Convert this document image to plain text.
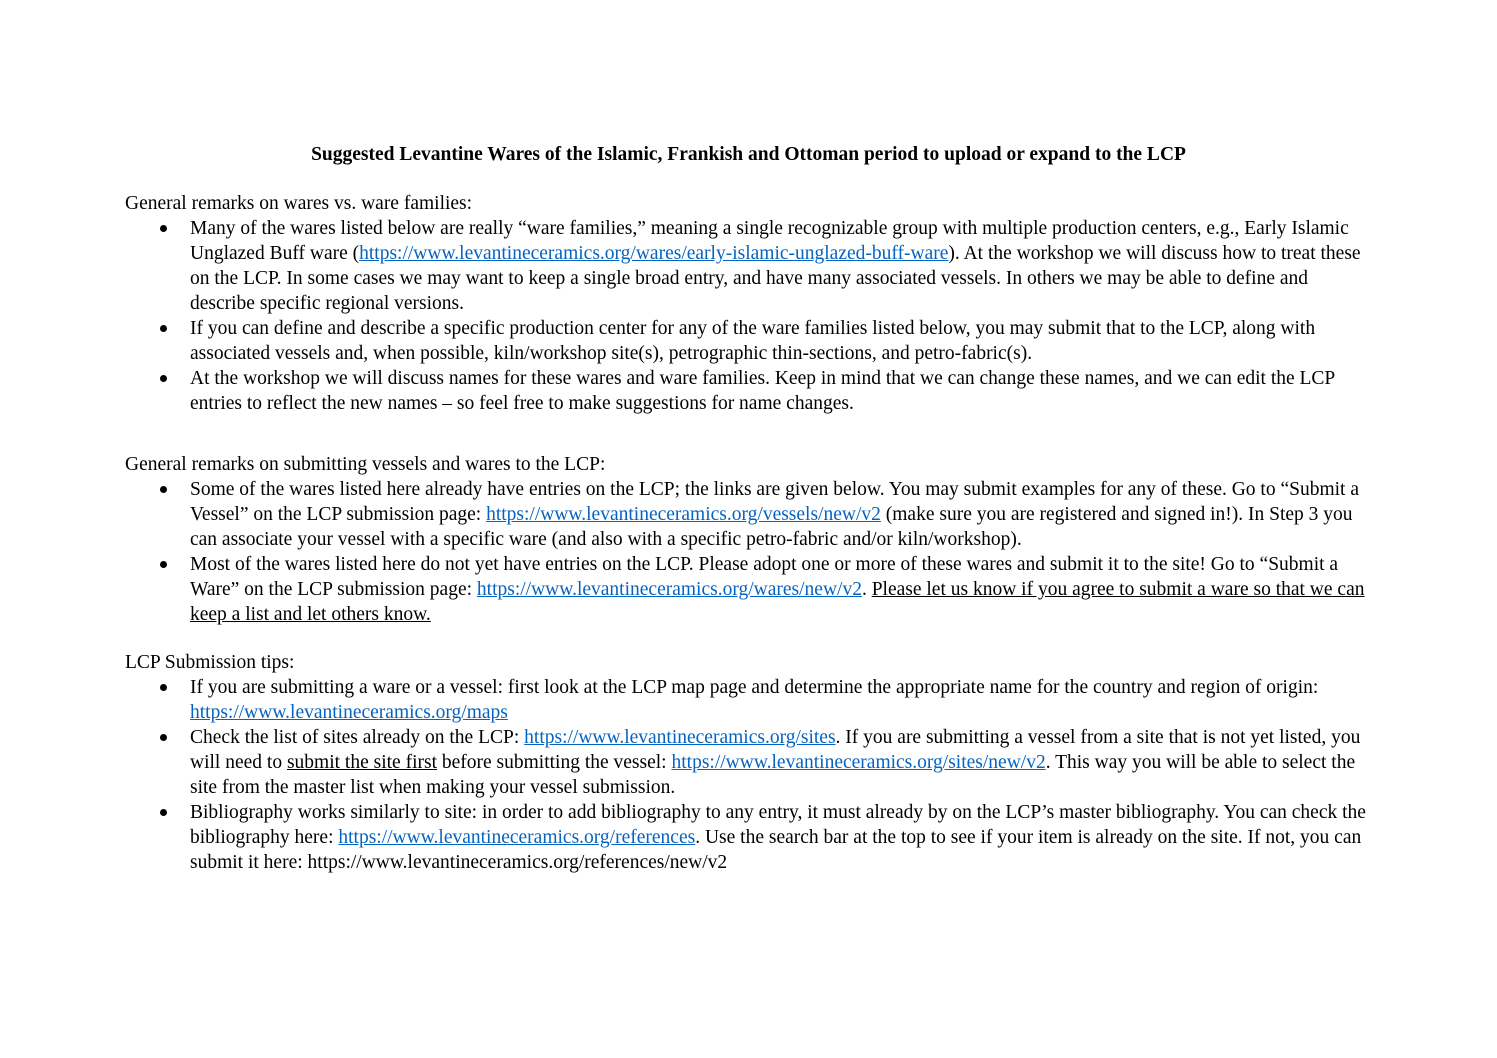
Suggested Levantine Wares of the Islamic, Frankish and Ottoman period to upload or expand to the LCP

General remarks on wares vs. ware families:

Many of the wares listed below are really “ware families,” meaning a single recognizable group with multiple production centers, e.g., Early Islamic Unglazed Buff ware (https://www.levantineceramics.org/wares/early-islamic-unglazed-buff-ware). At the workshop we will discuss how to treat these on the LCP. In some cases we may want to keep a single broad entry, and have many associated vessels. In others we may be able to define and describe specific regional versions.
If you can define and describe a specific production center for any of the ware families listed below, you may submit that to the LCP, along with associated vessels and, when possible, kiln/workshop site(s), petrographic thin-sections, and petro-fabric(s).
At the workshop we will discuss names for these wares and ware families. Keep in mind that we can change these names, and we can edit the LCP entries to reflect the new names – so feel free to make suggestions for name changes.

General remarks on submitting vessels and wares to the LCP:

Some of the wares listed here already have entries on the LCP; the links are given below. You may submit examples for any of these. Go to “Submit a Vessel” on the LCP submission page: https://www.levantineceramics.org/vessels/new/v2 (make sure you are registered and signed in!). In Step 3 you can associate your vessel with a specific ware (and also with a specific petro-fabric and/or kiln/workshop).
Most of the wares listed here do not yet have entries on the LCP. Please adopt one or more of these wares and submit it to the site! Go to “Submit a Ware” on the LCP submission page: https://www.levantineceramics.org/wares/new/v2. Please let us know if you agree to submit a ware so that we can keep a list and let others know.

LCP Submission tips:

If you are submitting a ware or a vessel: first look at the LCP map page and determine the appropriate name for the country and region of origin: https://www.levantineceramics.org/maps
Check the list of sites already on the LCP: https://www.levantineceramics.org/sites. If you are submitting a vessel from a site that is not yet listed, you will need to submit the site first before submitting the vessel: https://www.levantineceramics.org/sites/new/v2. This way you will be able to select the site from the master list when making your vessel submission.
Bibliography works similarly to site: in order to add bibliography to any entry, it must already by on the LCP’s master bibliography. You can check the bibliography here: https://www.levantineceramics.org/references. Use the search bar at the top to see if your item is already on the site. If not, you can submit it here: https://www.levantineceramics.org/references/new/v2
